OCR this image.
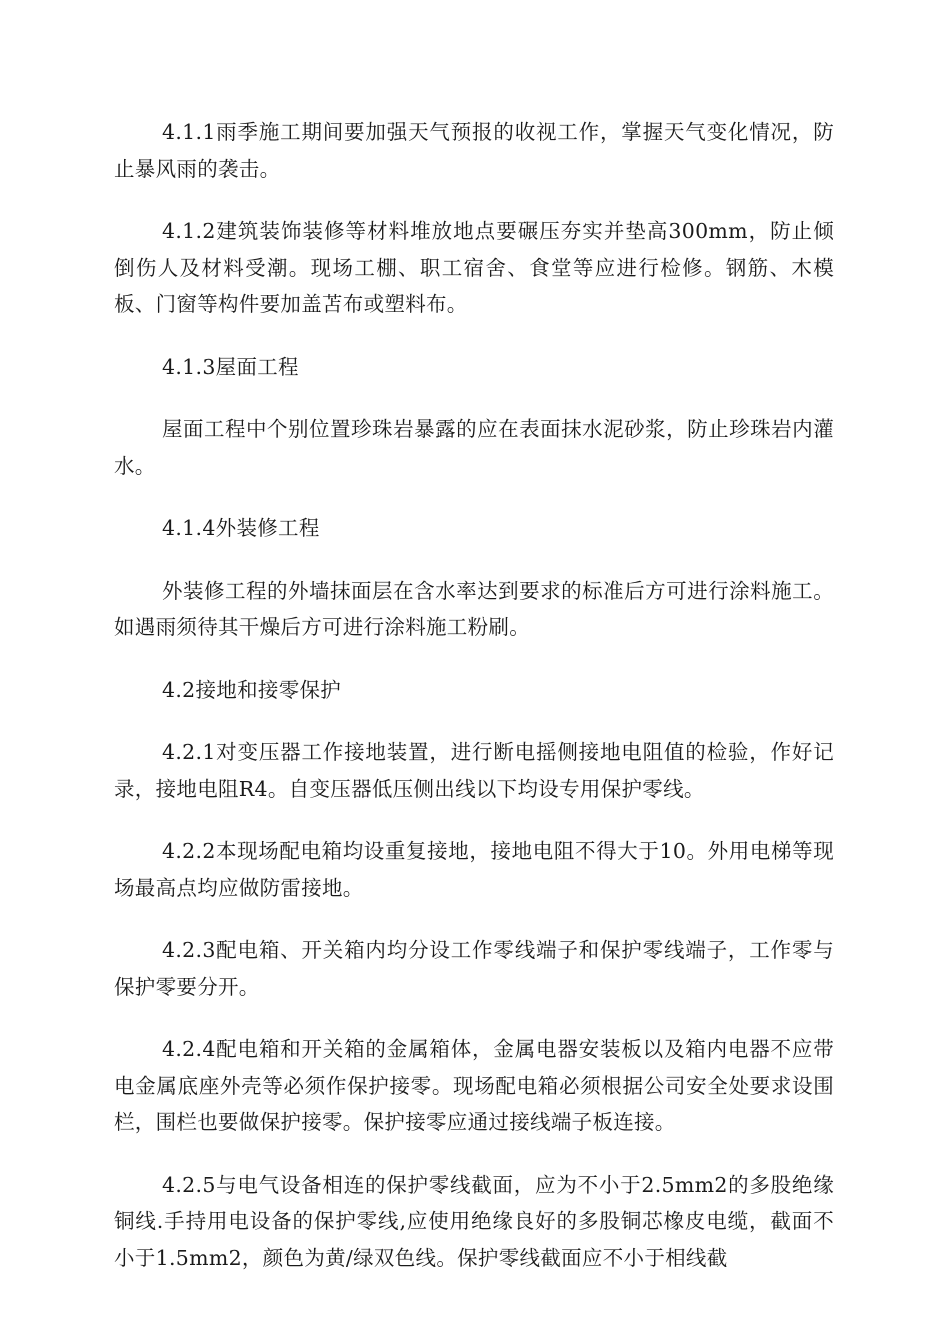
4.1.1雨季施工期间要加强天气预报的收视工作，掌握天气变化情况，防止暴风雨的袭击。

4.1.2建筑装饰装修等材料堆放地点要碾压夯实并垫高300mm，防止倾倒伤人及材料受潮。现场工棚、职工宿舍、食堂等应进行检修。钢筋、木模板、门窗等构件要加盖苫布或塑料布。

4.1.3屋面工程

屋面工程中个别位置珍珠岩暴露的应在表面抹水泥砂浆，防止珍珠岩内灌水。

4.1.4外装修工程

外装修工程的外墙抹面层在含水率达到要求的标准后方可进行涂料施工。如遇雨须待其干燥后方可进行涂料施工粉刷。

4.2接地和接零保护

4.2.1对变压器工作接地装置，进行断电摇侧接地电阻值的检验，作好记录，接地电阻R4。自变压器低压侧出线以下均设专用保护零线。

4.2.2本现场配电箱均设重复接地，接地电阻不得大于10。外用电梯等现场最高点均应做防雷接地。

4.2.3配电箱、开关箱内均分设工作零线端子和保护零线端子，工作零与保护零要分开。

4.2.4配电箱和开关箱的金属箱体，金属电器安装板以及箱内电器不应带电金属底座外壳等必须作保护接零。现场配电箱必须根据公司安全处要求设围栏，围栏也要做保护接零。保护接零应通过接线端子板连接。

4.2.5与电气设备相连的保护零线截面，应为不小于2.5mm2的多股绝缘铜线.手持用电设备的保护零线,应使用绝缘良好的多股铜芯橡皮电缆，截面不小于1.5mm2，颜色为黄/绿双色线。保护零线截面应不小于相线截
